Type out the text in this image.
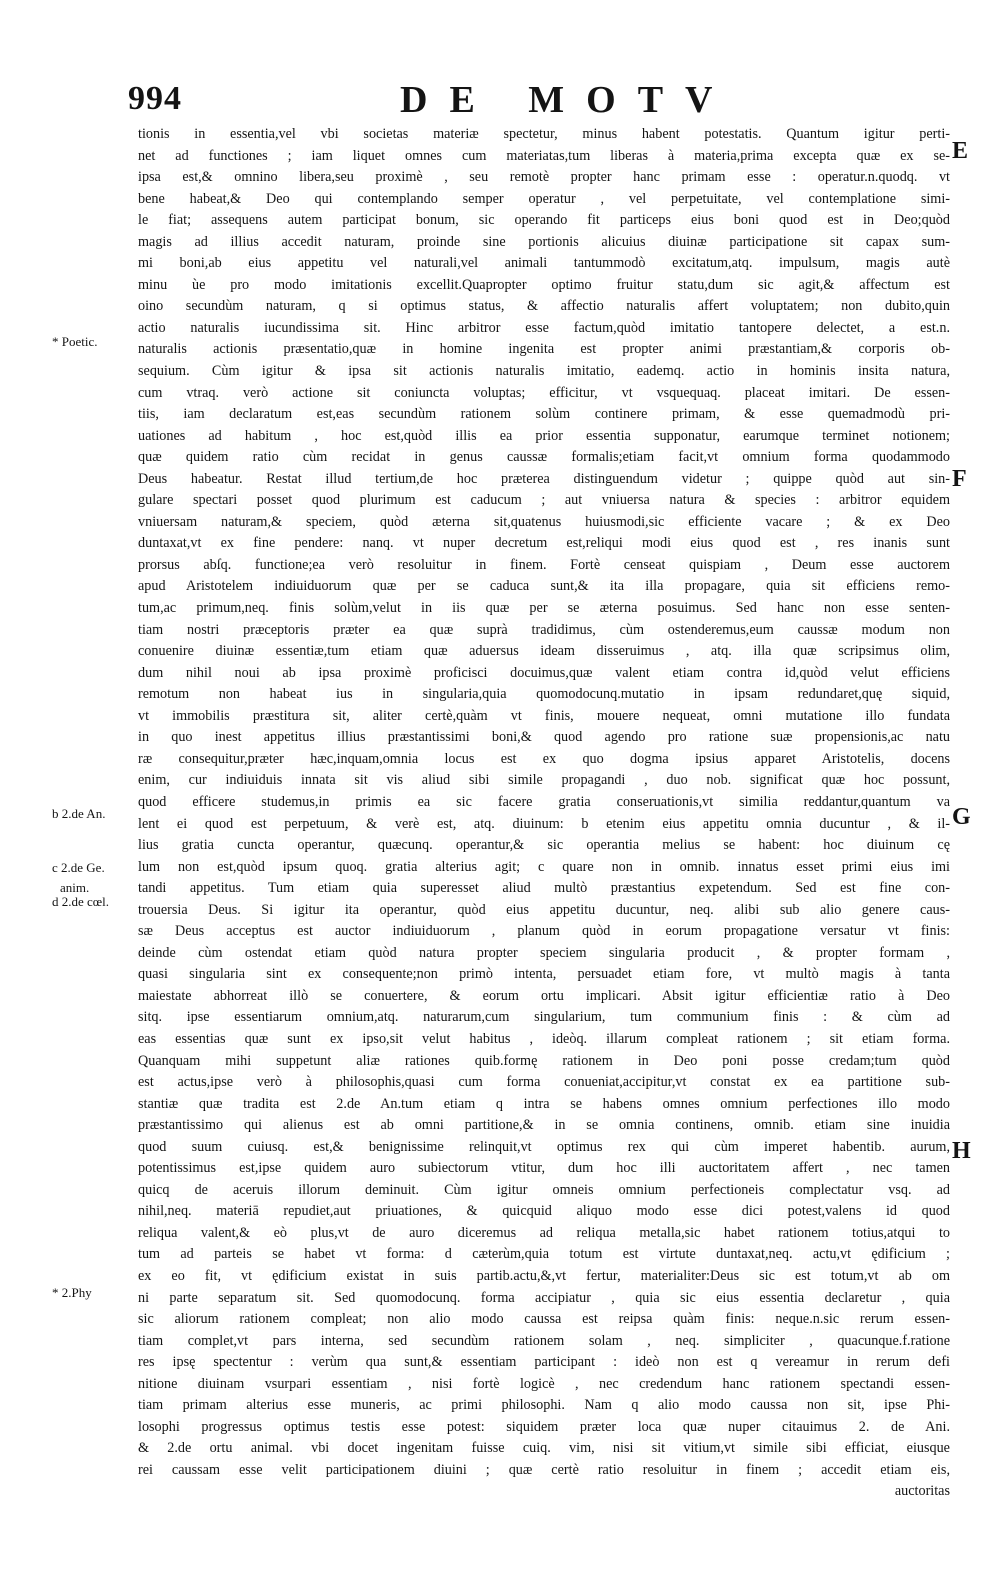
994	DE MOTV
E
F
G
H
* Poetic.
b 2.de An.
c 2.de Ge.
anim.
d 2.de cœl.
* 2.Phy
tionis in essentia,vel vbi societas materiæ spectetur, minus habent potestatis. Quantum igitur perti-
net ad functiones ; iam liquet omnes cum materiatas,tum liberas à materia,prima excepta quæ ex se-
ipsa est,& omnino libera,seu proximè , seu remotè propter hanc primam esse : operatur.n.quodq. vt
bene habeat,& Deo qui contemplando semper operatur , vel perpetuitate, vel contemplatione simi-
le fiat; assequens autem participat bonum, sic operando fit particeps eius boni quod est in Deo;quòd
magis ad illius accedit naturam, proinde sine portionis alicuius diuinæ participatione sit capax sum-
mi boni,ab eius appetitu vel naturali,vel animali tantummodò excitatum,atq. impulsum, magis autè
minu ùe pro modo imitationis excellit.Quapropter optimo fruitur statu,dum sic agit,& affectum est
oino secundùm naturam, q si optimus status, & affectio naturalis affert voluptatem; non dubito,quin
actio naturalis iucundissima sit. Hinc arbitror esse factum,quòd imitatio tantopere delectet, a est.n.
naturalis actionis præsentatio,quæ in homine ingenita est propter animi præstantiam,& corporis ob-
sequium. Cùm igitur & ipsa sit actionis naturalis imitatio, eademq. actio in hominis insita natura,
cum vtraq. verò actione sit coniuncta voluptas; efficitur, vt vsquequaq. placeat imitari. De essen-
tiis, iam declaratum est,eas secundùm rationem solùm continere primam, & esse quemadmodù pri-
uationes ad habitum , hoc est,quòd illis ea prior essentia supponatur, earumque terminet notionem;
quæ quidem ratio cùm recidat in genus caussæ formalis;etiam facit,vt omnium forma quodammodo
Deus habeatur. Restat illud tertium,de hoc præterea distinguendum videtur ; quippe quòd aut sin-
gulare spectari posset quod plurimum est caducum ; aut vniuersa natura & species : arbitror equidem
vniuersam naturam,& speciem, quòd æterna sit,quatenus huiusmodi,sic efficiente vacare ; & ex Deo
duntaxat,vt ex fine pendere: nanq. vt nuper decretum est,reliqui modi eius quod est , res inanis sunt
prorsus abſq. functione;ea verò resoluitur in finem. Fortè censeat quispiam , Deum esse auctorem
apud Aristotelem indiuiduorum quæ per se caduca sunt,& ita illa propagare, quia sit efficiens remo-
tum,ac primum,neq. finis solùm,velut in iis quæ per se æterna posuimus. Sed hanc non esse senten-
tiam nostri præceptoris præter ea quæ suprà tradidimus, cùm ostenderemus,eum caussæ modum non
conuenire diuinæ essentiæ,tum etiam quæ aduersus ideam disseruimus , atq. illa quæ scripsimus olim,
dum nihil noui ab ipsa proximè proficisci docuimus,quæ valent etiam contra id,quòd velut efficiens
remotum non habeat ius in singularia,quia quomodocunq.mutatio in ipsam redundaret,quę siquid,
vt immobilis præstitura sit, aliter certè,quàm vt finis, mouere nequeat, omni mutatione illo fundata
in quo inest appetitus illius præstantissimi boni,& quod agendo pro ratione suæ propensionis,ac natu
ræ consequitur,præter hæc,inquam,omnia locus est ex quo dogma ipsius apparet Aristotelis, docens
enim, cur indiuiduis innata sit vis aliud sibi simile propagandi , duo nob. significat quæ hoc possunt,
quod efficere studemus,in primis ea sic facere gratia conseruationis,vt similia reddantur,quantum va
lent ei quod est perpetuum, & verè est, atq. diuinum: b etenim eius appetitu omnia ducuntur , & il-
lius gratia cuncta operantur, quæcunq. operantur,& sic operantia melius se habent: hoc diuinum cę
lum non est,quòd ipsum quoq. gratia alterius agit; c quare non in omnib. innatus esset primi eius imi
tandi appetitus. Tum etiam quia superesset aliud multò præstantius expetendum. Sed est fine con-
trouersia Deus. Si igitur ita operantur, quòd eius appetitu ducuntur, neq. alibi sub alio genere caus-
sæ Deus acceptus est auctor indiuiduorum , planum quòd in eorum propagatione versatur vt finis:
deinde cùm ostendat etiam quòd natura propter speciem singularia producit , & propter formam ,
quasi singularia sint ex consequente;non primò intenta, persuadet etiam fore, vt multò magis à tanta
maiestate abhorreat illò se conuertere, & eorum ortu implicari. Absit igitur efficientiæ ratio à Deo
sitq. ipse essentiarum omnium,atq. naturarum,cum singularium, tum communium finis : & cùm ad
eas essentias quæ sunt ex ipso,sit velut habitus , ideòq. illarum compleat rationem ; sit etiam forma.
Quanquam mihi suppetunt aliæ rationes quib.formę rationem in Deo poni posse credam;tum quòd
est actus,ipse verò à philosophis,quasi cum forma conueniat,accipitur,vt constat ex ea partitione sub-
stantiæ quæ tradita est 2.de An.tum etiam q intra se habens omnes omnium perfectiones illo modo
præstantissimo qui alienus est ab omni partitione,& in se omnia continens, omnib. etiam sine inuidia
quod suum cuiusq. est,& benignissime relinquit,vt optimus rex qui cùm imperet habentib. aurum,
potentissimus est,ipse quidem auro subiectorum vtitur, dum hoc illi auctoritatem affert , nec tamen
quicq de aceruis illorum deminuit. Cùm igitur omneis omnium perfectioneis complectatur vsq. ad
nihil,neq. materiā repudiet,aut priuationes, & quicquid aliquo modo esse dici potest,valens id quod
reliqua valent,& eò plus,vt de auro diceremus ad reliqua metalla,sic habet rationem totius,atqui to
tum ad parteis se habet vt forma: d cæterùm,quia totum est virtute duntaxat,neq. actu,vt ędificium ;
ex eo fit, vt ędificium existat in suis partib.actu,&,vt fertur, materialiter:Deus sic est totum,vt ab om
ni parte separatum sit. Sed quomodocunq. forma accipiatur , quia sic eius essentia declaretur , quia
sic aliorum rationem compleat; non alio modo caussa est reipsa quàm finis: neque.n.sic rerum essen-
tiam complet,vt pars interna, sed secundùm rationem solam , neq. simpliciter , quacunque.f.ratione
res ipsę spectentur : verùm qua sunt,& essentiam participant : ideò non est q vereamur in rerum defi
nitione diuinam vsurpari essentiam , nisi fortè logicè , nec credendum hanc rationem spectandi essen-
tiam primam alterius esse muneris, ac primi philosophi. Nam q alio modo caussa non sit, ipse Phi-
losophi progressus optimus testis esse potest: siquidem præter loca quæ nuper citauimus 2. de Ani.
& 2.de ortu animal. vbi docet ingenitam fuisse cuiq. vim, nisi sit vitium,vt simile sibi efficiat, eiusque
rei caussam esse velit participationem diuini ; quæ certè ratio resoluitur in finem ; accedit etiam eis,
auctoritas
